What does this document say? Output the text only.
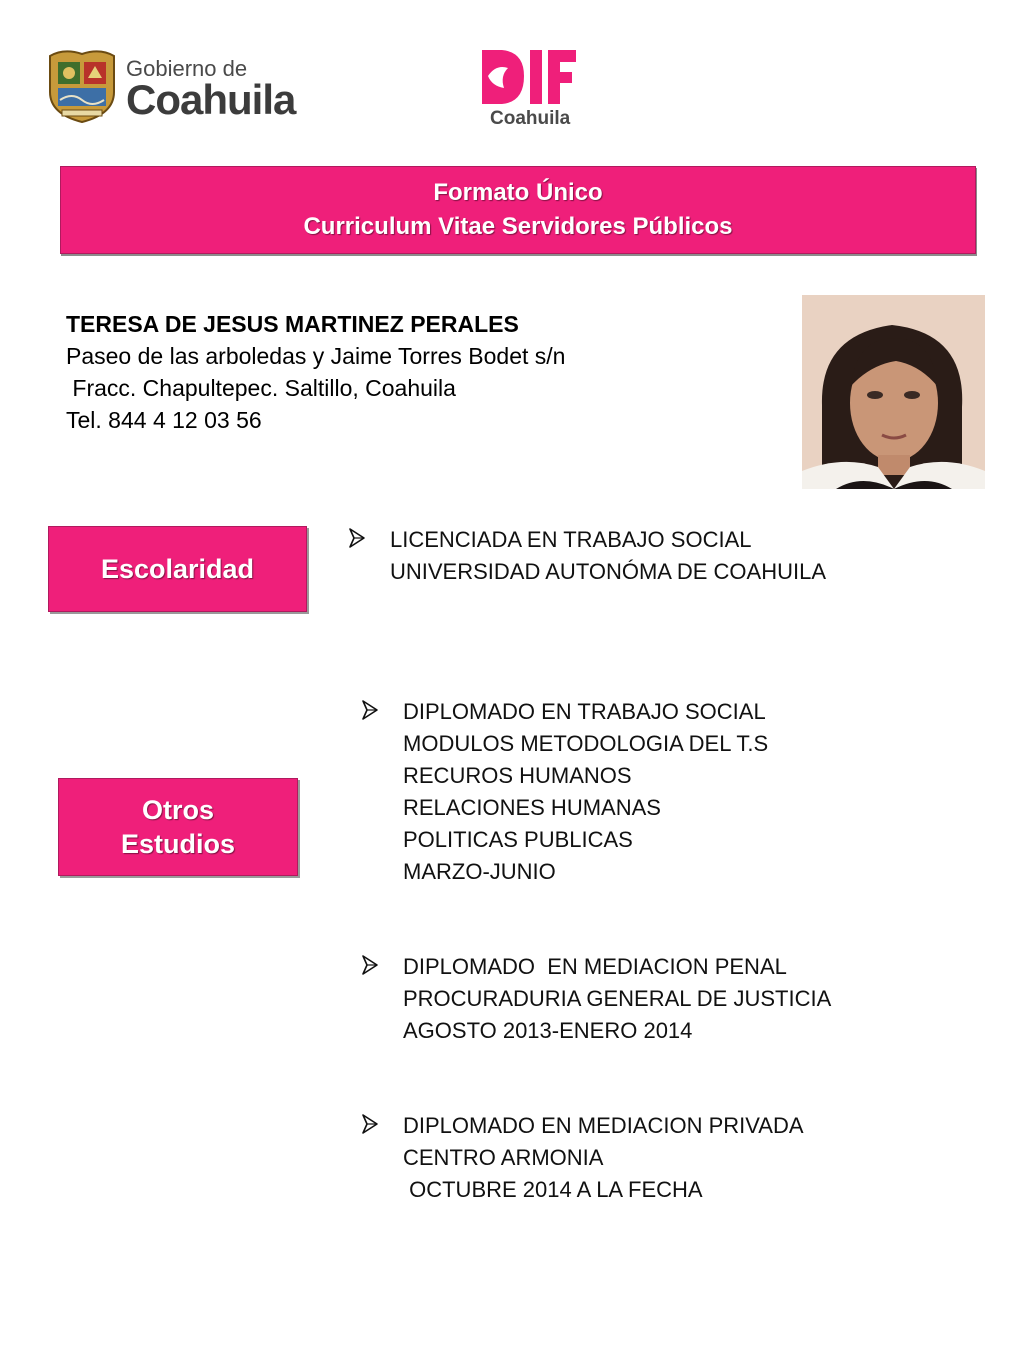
Gobierno de
Coahuila	Coahuila
Formato Único
Curriculum Vitae Servidores Públicos
TERESA DE JESUS MARTINEZ PERALES
Paseo de las arboledas y Jaime Torres Bodet s/n
Fracc. Chapultepec. Saltillo, Coahuila
Tel. 844 4 12 03 56
Escolaridad
LICENCIADA EN TRABAJO SOCIAL
UNIVERSIDAD AUTONÓMA DE COAHUILA
Otros
Estudios
DIPLOMADO EN TRABAJO SOCIAL
MODULOS METODOLOGIA DEL T.S
RECUROS HUMANOS
RELACIONES HUMANAS
POLITICAS PUBLICAS
MARZO-JUNIO
DIPLOMADO  EN MEDIACION PENAL
PROCURADURIA GENERAL DE JUSTICIA
AGOSTO 2013-ENERO 2014
DIPLOMADO EN MEDIACION PRIVADA
CENTRO ARMONIA
OCTUBRE 2014 A LA FECHA
